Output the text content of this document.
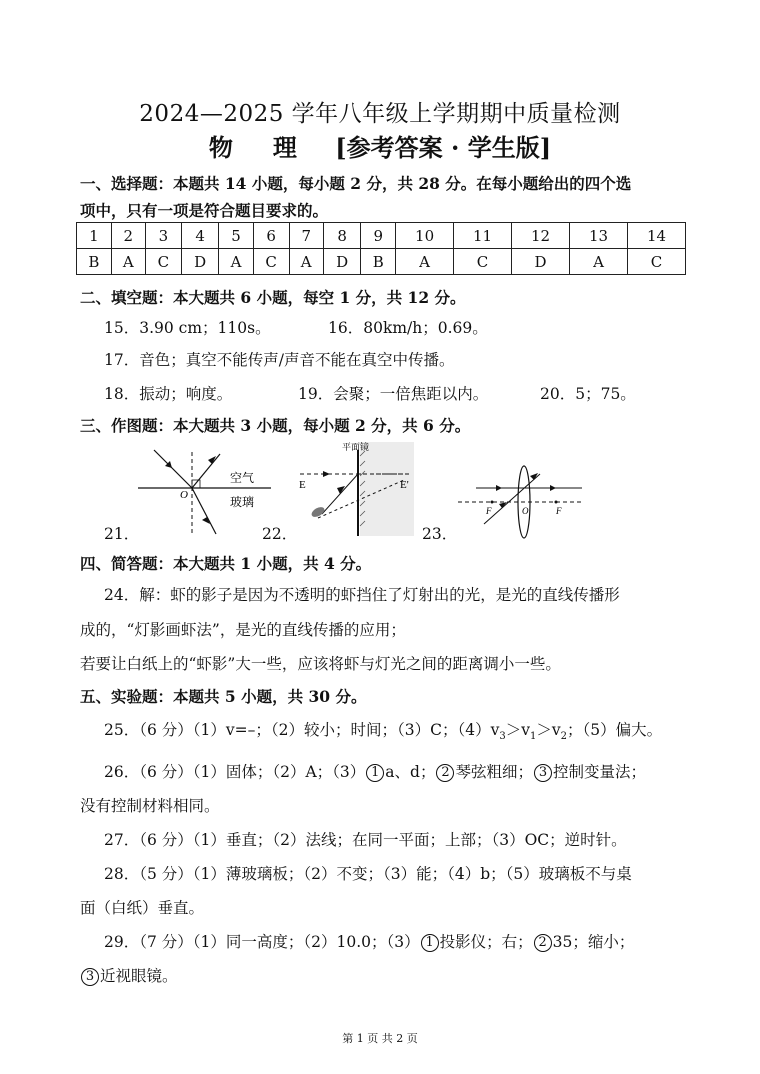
2024—2025 学年八年级上学期期中质量检测
物理 [参考答案 · 学生版]
一、选择题：本题共 14 小题，每小题 2 分，共 28 分。在每小题给出的四个选
项中，只有一项是符合题目要求的。
1	2	3	4	5	6	7	8	9	10	11	12	13	14
B	A	C	D	A	C	A	D	B	A	C	D	A	C
二、填空题：本大题共 6 小题，每空 1 分，共 12 分。
15．3.90 cm；110s。	16．80km/h；0.69。
17．音色；真空不能传声/声音不能在真空中传播。
18．振动；响度。	19．会聚；一倍焦距以内。	20．5；75。
三、作图题：本大题共 3 小题，每小题 2 分，共 6 分。
21．
O
空气
玻璃
22．
平面镜
E	E'
23．
F	O	F
四、简答题：本大题共 1 小题，共 4 分。
24．解：虾的影子是因为不透明的虾挡住了灯射出的光，是光的直线传播形
成的，“灯影画虾法”，是光的直线传播的应用；
若要让白纸上的“虾影”大一些，应该将虾与灯光之间的距离调小一些。
五、实验题：本题共 5 小题，共 30 分。
25．（6 分）（1）v=–；（2）较小；时间；（3）C；$(4)v_3>v_1>v_2$；（5）偏大。
26．（6 分）（1）固体；（2）A；（3） 1 a、d； 2 琴弦粗细； 3 控制变量法；
没有控制材料相同。
27．（6 分）（1）垂直；（2）法线；在同一平面；上部；（3）OC；逆时针。
28．（5 分）（1）薄玻璃板；（2）不变；（3）能；（4）b；（5）玻璃板不与桌
面（白纸）垂直。
29．（7 分）（1）同一高度；（2）10.0；（3） 1 投影仪；右； 2 35；缩小；
3 近视眼镜。
第 1 页 共 2 页
